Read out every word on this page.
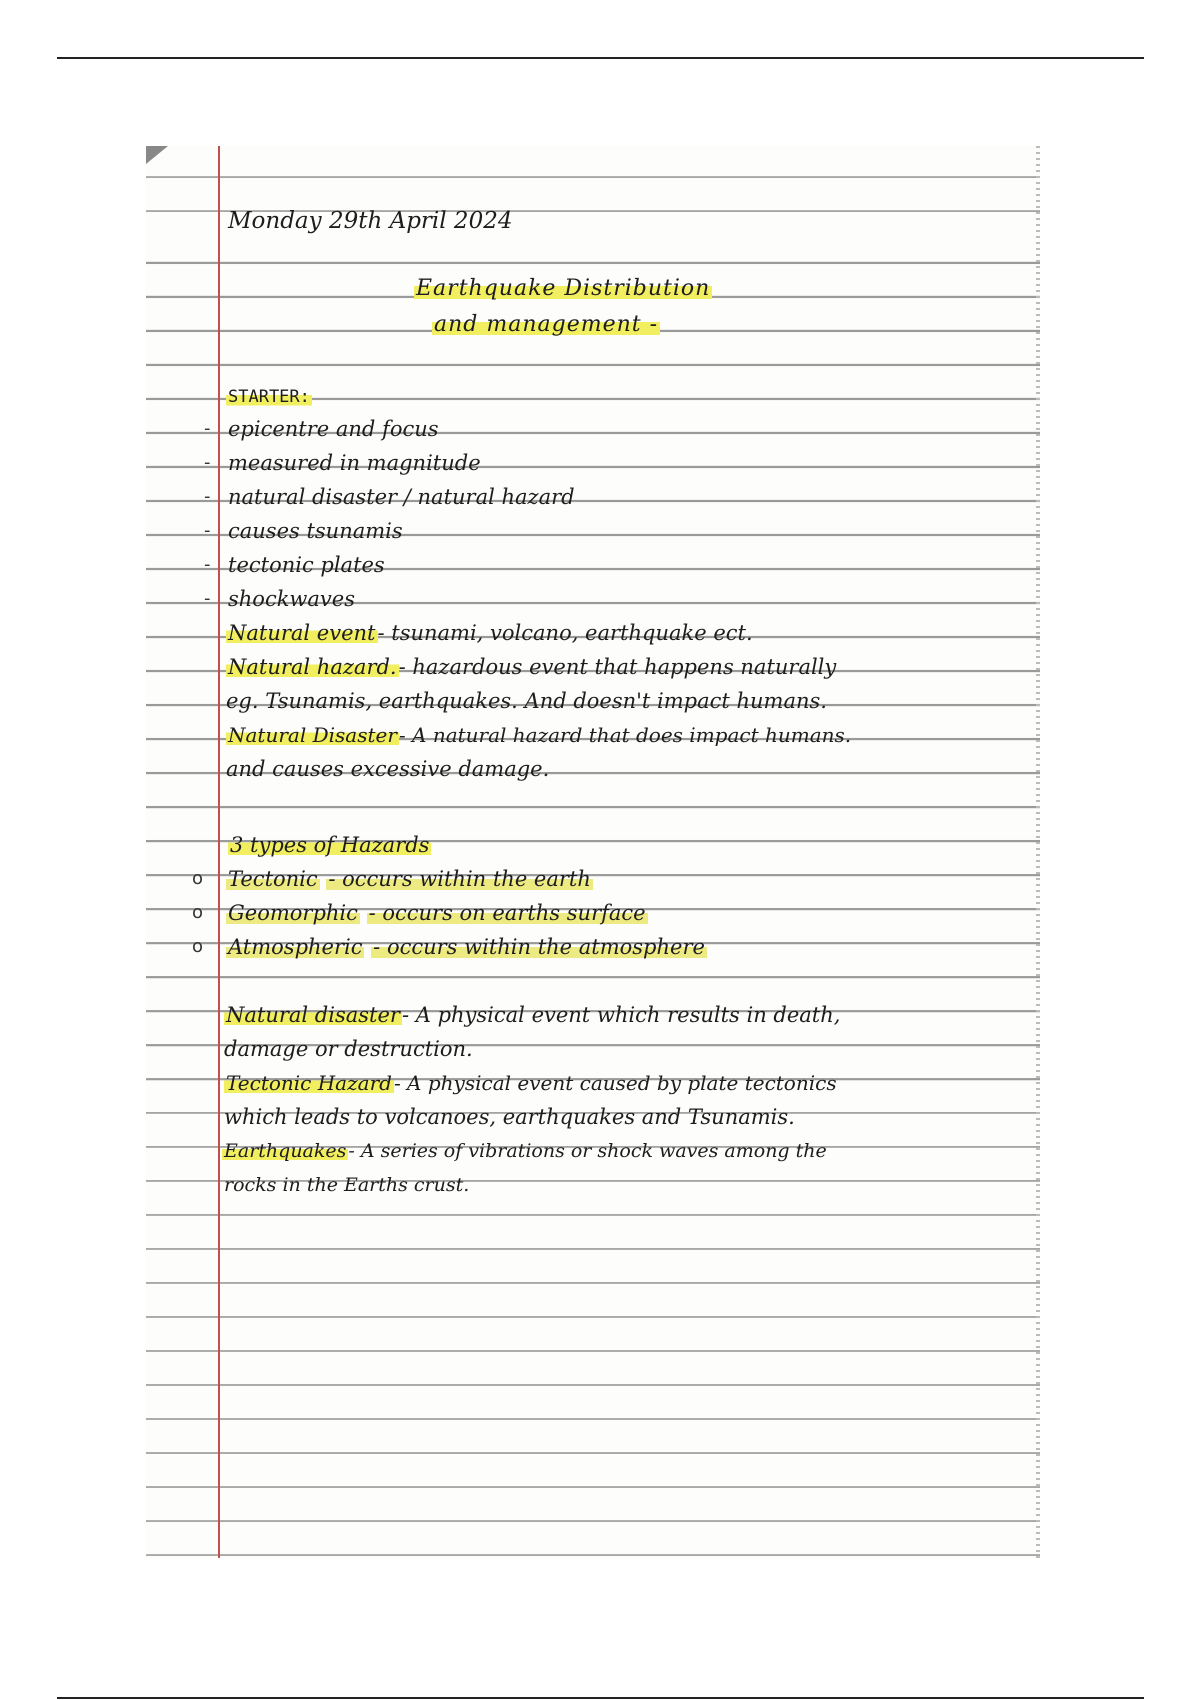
Monday 29th April 2024
Earthquake Distribution
and management -
STARTER:
- epicentre and focus
- measured in magnitude
- natural disaster / natural hazard
- causes tsunamis
- tectonic plates
- shockwaves
Natural event- tsunami, volcano, earthquake ect.
Natural hazard.- hazardous event that happens naturally
eg. Tsunamis, earthquakes. And doesn't impact humans.
Natural Disaster - A natural hazard that does impact humans.
and causes excessive damage.
3 types of Hazards
o Tectonic - occurs within the earth
o Geomorphic - occurs on earths surface
o Atmospheric - occurs within the atmosphere
Natural disaster- A physical event which results in death,
damage or destruction.
Tectonic Hazard - A physical event caused by plate tectonics
which leads to volcanoes, earthquakes and Tsunamis.
Earthquakes - A series of vibrations or shock waves among the
rocks in the Earths crust.
